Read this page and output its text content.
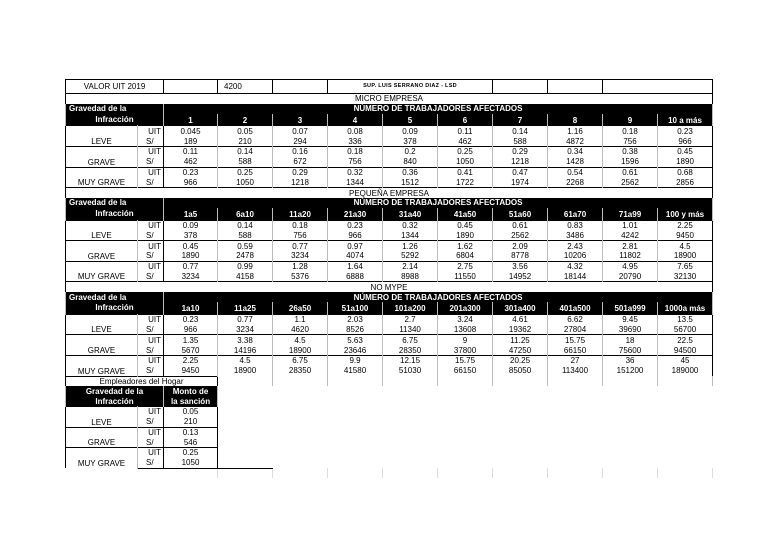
VALOR UIT 2019			4200		SUP. LUIS SERRANO DIAZ - LSD						
MICRO EMPRESA											
Gravedad de la		NÚMERO DE TRABAJADORES AFECTADOS									
Infracción		1	2	3	4	5	6	7	8	9	10 a más
LEVE	UIT	0.045	0.05	0.07	0.08	0.09	0.11	0.14	1.16	0.18	0.23
	S/	189	210	294	336	378	462	588	4872	756	966
GRAVE	UIT	0.11	0.14	0.16	0.18	0.2	0.25	0.29	0.34	0.38	0.45
	S/	462	588	672	756	840	1050	1218	1428	1596	1890
MUY GRAVE	UIT	0.23	0.25	0.29	0.32	0.36	0.41	0.47	0.54	0.61	0.68
	S/	966	1050	1218	1344	1512	1722	1974	2268	2562	2856
PEQUEÑA EMPRESA											
Gravedad de la		NÚMERO DE TRABAJADORES AFECTADOS									
Infracción		1a5	6a10	11a20	21a30	31a40	41a50	51a60	61a70	71a99	100 y más
LEVE	UIT	0.09	0.14	0.18	0.23	0.32	0.45	0.61	0.83	1.01	2.25
	S/	378	588	756	966	1344	1890	2562	3486	4242	9450
GRAVE	UIT	0.45	0.59	0.77	0.97	1.26	1.62	2.09	2.43	2.81	4.5
	S/	1890	2478	3234	4074	5292	6804	8778	10206	11802	18900
MUY GRAVE	UIT	0.77	0.99	1.28	1.64	2.14	2.75	3.56	4.32	4.95	7.65
	S/	3234	4158	5376	6888	8988	11550	14952	18144	20790	32130
NO MYPE											
Gravedad de la		NÚMERO DE TRABAJADORES AFECTADOS									
Infracción		1a10	11a25	26a50	51a100	101a200	201a300	301a400	401a500	501a999	1000a más
LEVE	UIT	0.23	0.77	1.1	2.03	2.7	3.24	4.61	6.62	9.45	13.5
	S/	966	3234	4620	8526	11340	13608	19362	27804	39690	56700
GRAVE	UIT	1.35	3.38	4.5	5.63	6.75	9	11.25	15.75	18	22.5
	S/	5670	14196	18900	23646	28350	37800	47250	66150	75600	94500
MUY GRAVE	UIT	2.25	4.5	6.75	9.9	12.15	15.75	20.25	27	36	45
	S/	9450	18900	28350	41580	51030	66150	85050	113400	151200	189000
Empleadores del Hogar											
Gravedad de la		Monto de									
Infracción		la sanción									
LEVE	UIT	0.05									
	S/	210									
GRAVE	UIT	0.13									
	S/	546									
MUY GRAVE	UIT	0.25									
	S/	1050									
